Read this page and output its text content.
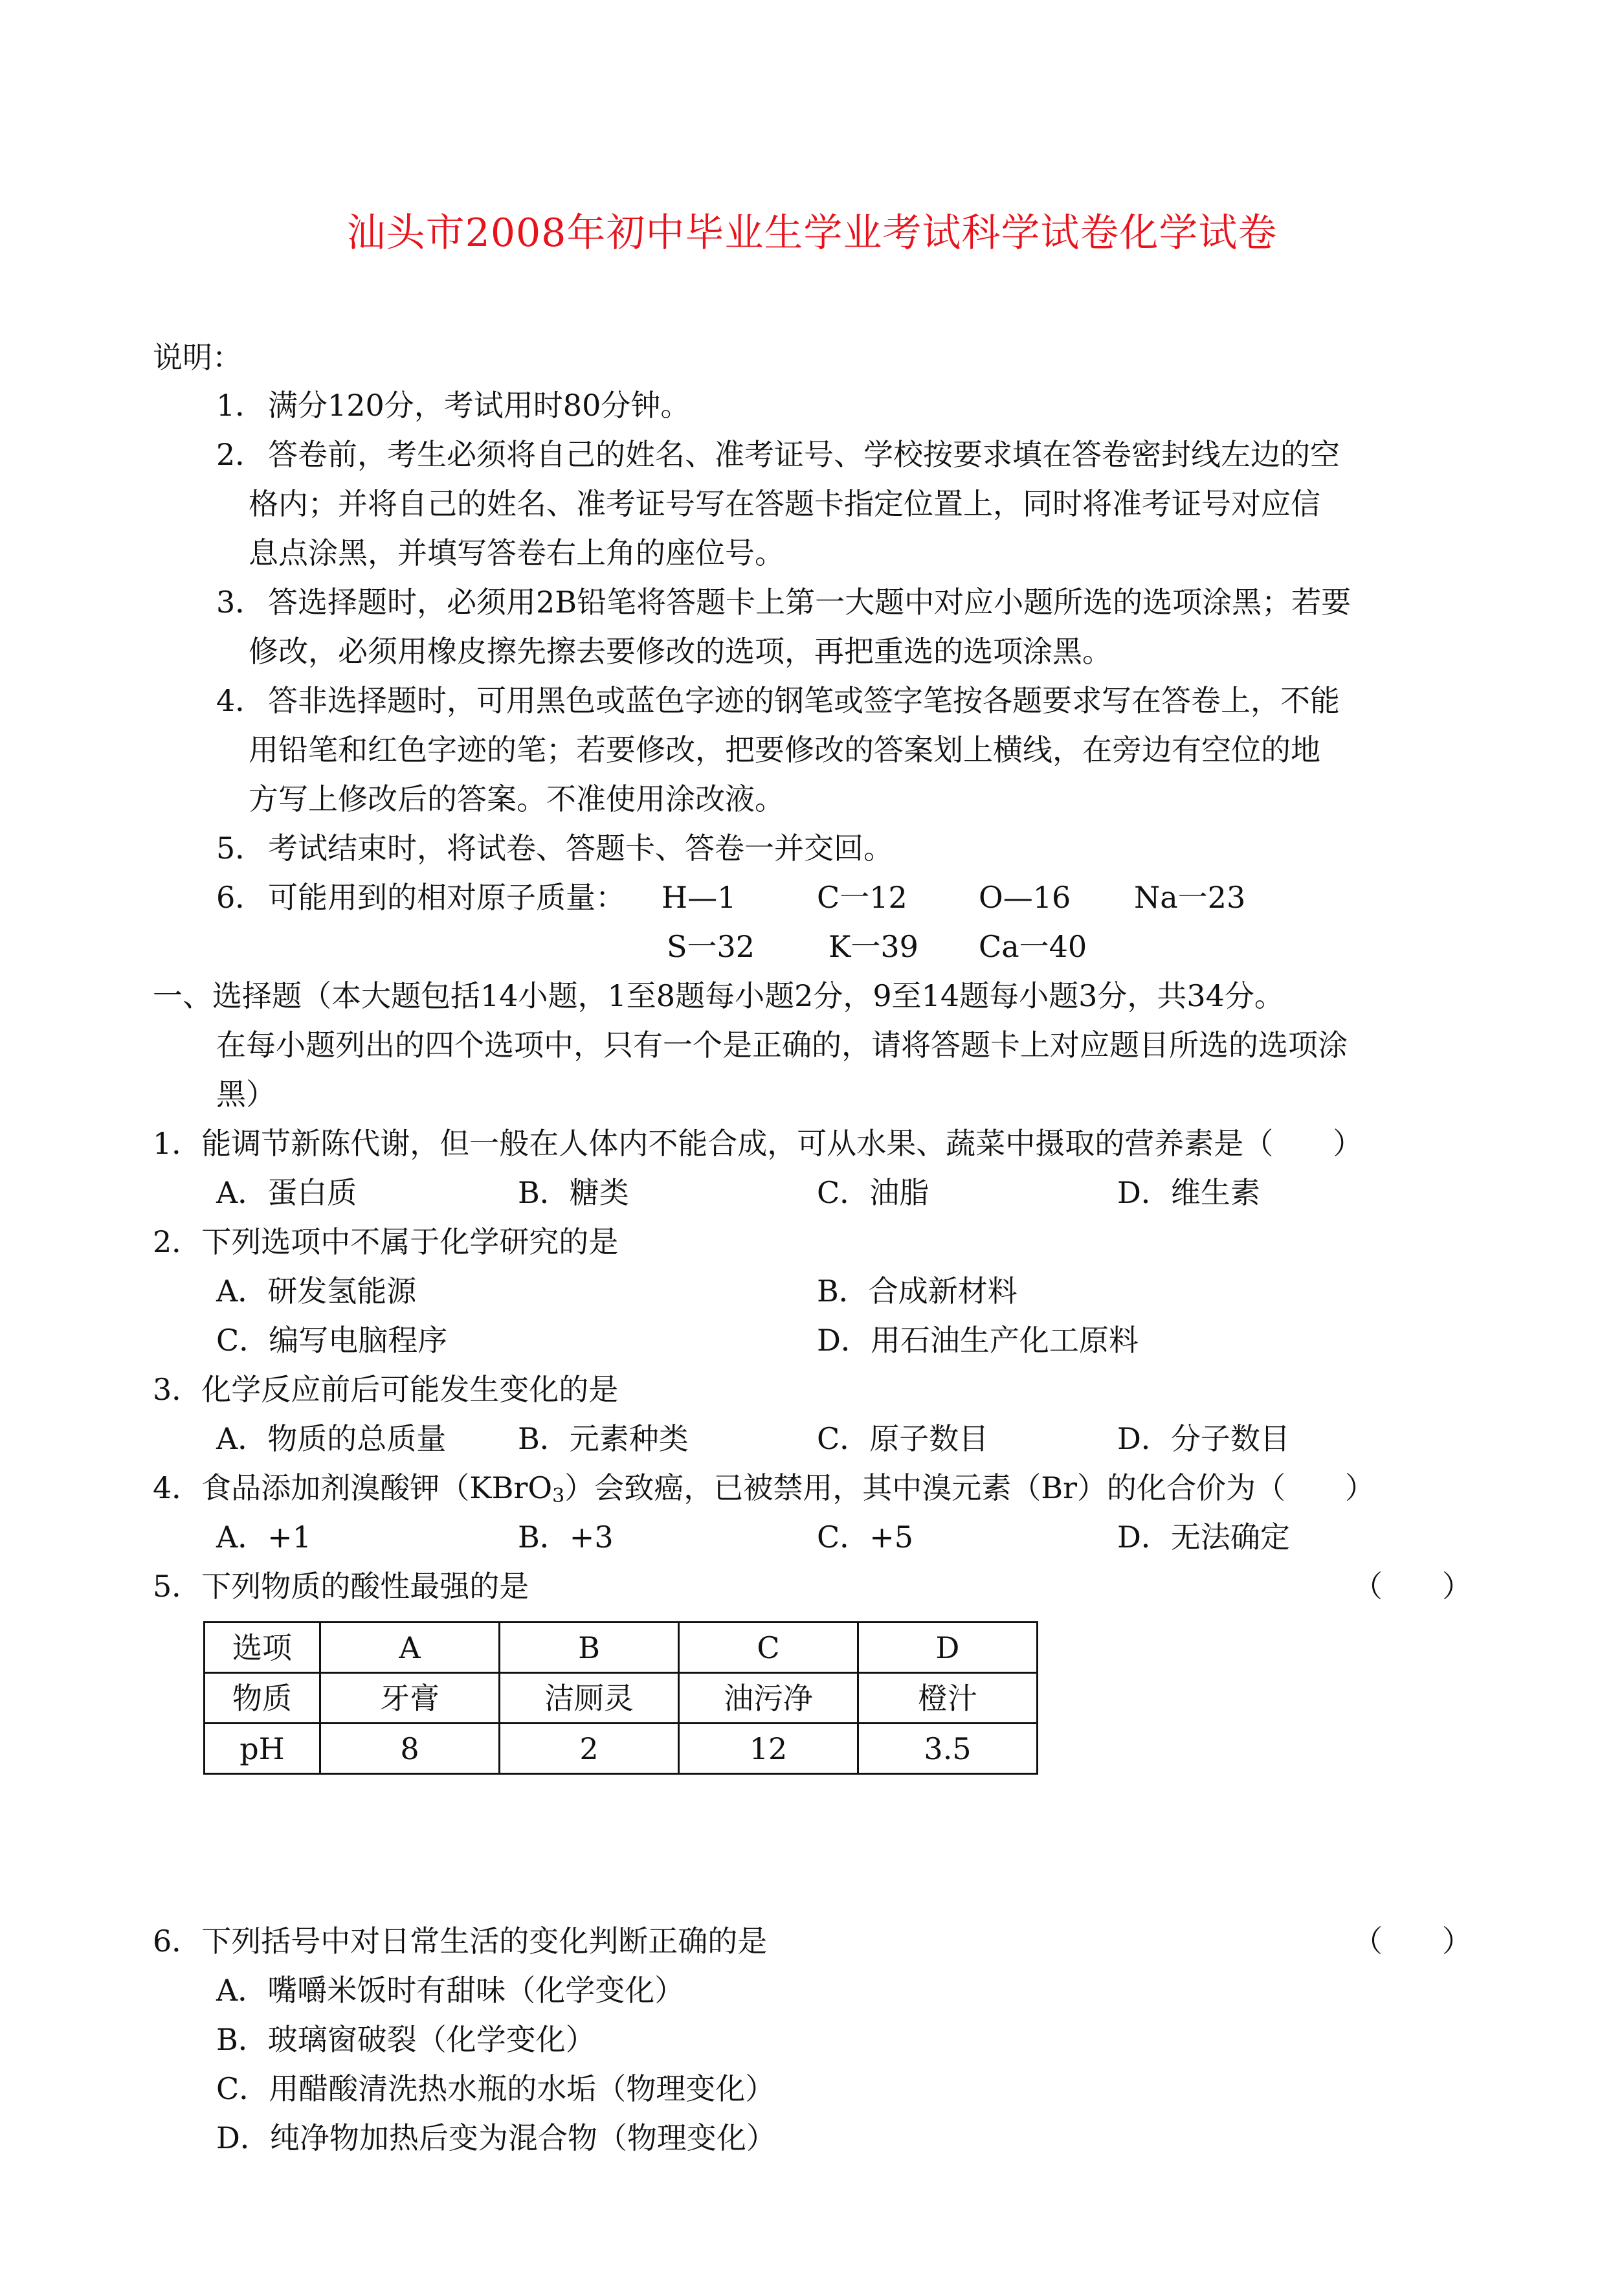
汕头市2008年初中毕业生学业考试科学试卷化学试卷
说明：
1． 满分120分，考试用时80分钟。
2． 答卷前，考生必须将自己的姓名、准考证号、学校按要求填在答卷密封线左边的空
格内；并将自己的姓名、准考证号写在答题卡指定位置上，同时将准考证号对应信
息点涂黑，并填写答卷右上角的座位号。
3． 答选择题时，必须用2B铅笔将答题卡上第一大题中对应小题所选的选项涂黑；若要
修改，必须用橡皮擦先擦去要修改的选项，再把重选的选项涂黑。
4． 答非选择题时，可用黑色或蓝色字迹的钢笔或签字笔按各题要求写在答卷上，不能
用铅笔和红色字迹的笔；若要修改，把要修改的答案划上横线，在旁边有空位的地
方写上修改后的答案。不准使用涂改液。
5． 考试结束时，将试卷、答题卡、答卷一并交回。
6． 可能用到的相对原子质量： H—1	C一12 O—16 Na一23
S一32 K一39 Ca一40
一、选择题（本大题包括14小题，1至8题每小题2分，9至14题每小题3分，共34分。
在每小题列出的四个选项中，只有一个是正确的，请将答题卡上对应题目所选的选项涂
黑）
1．能调节新陈代谢，但一般在人体内不能合成，可从水果、蔬菜中摄取的营养素是（　　）
A．蛋白质	B．糖类	C．油脂	D．维生素
2．下列选项中不属于化学研究的是
A．研发氢能源	B．合成新材料
C．编写电脑程序	D．用石油生产化工原料
3．化学反应前后可能发生变化的是
A．物质的总质量 B．元素种类	C．原子数目	D．分子数目
4．食品添加剂溴酸钾（KBrO$_3$）会致癌，已被禁用，其中溴元素（Br）的化合价为（　　）
A．+1	B．+3	C．+5	D．无法确定
5．下列物质的酸性最强的是	（　　）
选项	A	B	C	D
物质	牙膏	洁厕灵	油污净	橙汁
pH	8	2	12	3.5
6．下列括号中对日常生活的变化判断正确的是	（　　）
A．嘴嚼米饭时有甜味（化学变化）
B．玻璃窗破裂（化学变化）
C．用醋酸清洗热水瓶的水垢（物理变化）
D．纯净物加热后变为混合物（物理变化）
